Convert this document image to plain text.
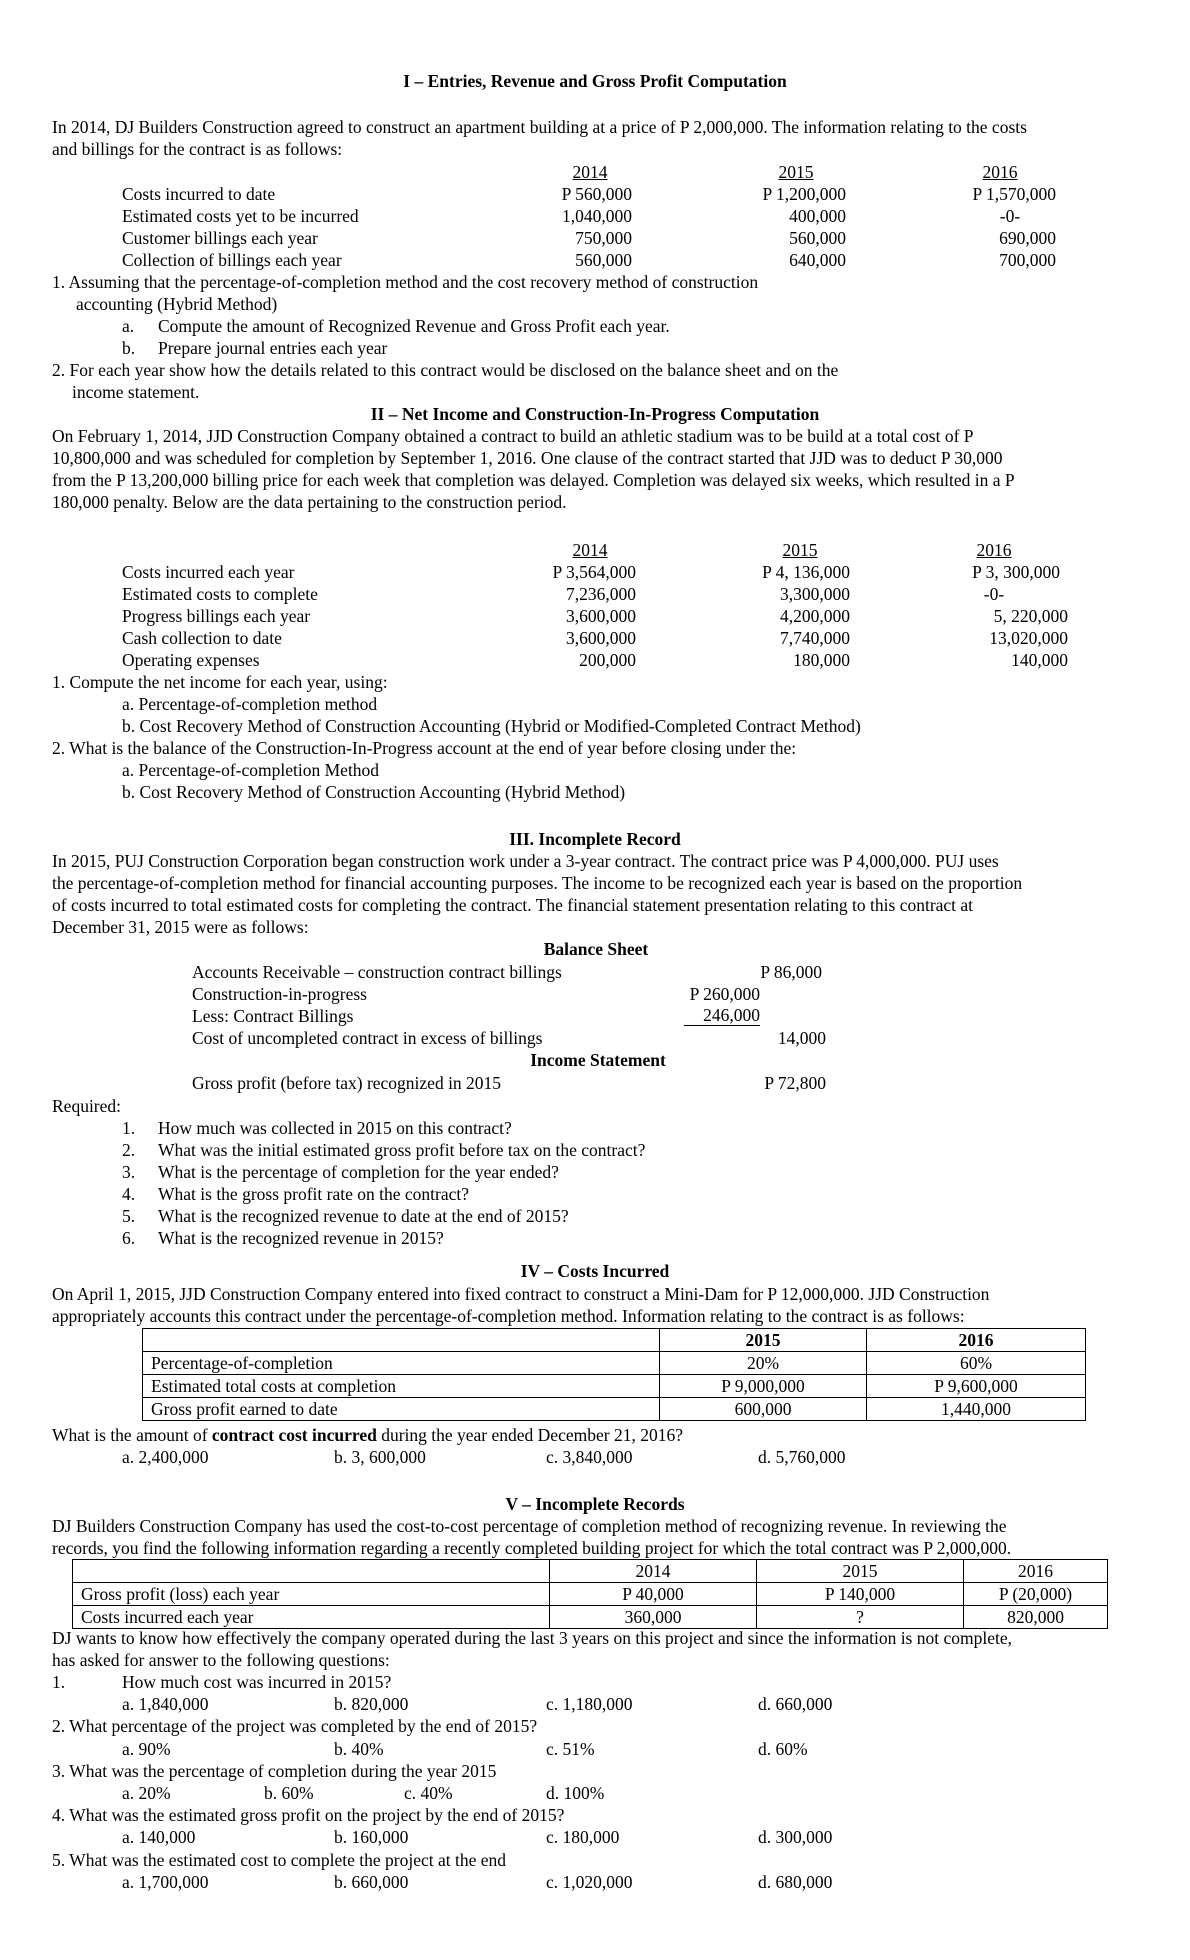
I – Entries, Revenue and Gross Profit Computation
In 2014, DJ Builders Construction agreed to construct an apartment building at a price of P 2,000,000. The information relating to the costs
and billings for the contract is as follows:
2014	2015	2016
Costs incurred to date	P 560,000	P 1,200,000	P 1,570,000
Estimated costs yet to be incurred	1,040,000	400,000	-0-
Customer billings each year	750,000	560,000	690,000
Collection of billings each year	560,000	640,000	700,000
1. Assuming that the percentage-of-completion method and the cost recovery method of construction
accounting (Hybrid Method)
a. Compute the amount of Recognized Revenue and Gross Profit each year.
b. Prepare journal entries each year
2. For each year show how the details related to this contract would be disclosed on the balance sheet and on the
income statement.
II – Net Income and Construction-In-Progress Computation
On February 1, 2014, JJD Construction Company obtained a contract to build an athletic stadium was to be build at a total cost of P
10,800,000 and was scheduled for completion by September 1, 2016. One clause of the contract started that JJD was to deduct P 30,000
from the P 13,200,000 billing price for each week that completion was delayed. Completion was delayed six weeks, which resulted in a P
180,000 penalty. Below are the data pertaining to the construction period.
2014	2015	2016
Costs incurred each year	P 3,564,000	P 4, 136,000	P 3, 300,000
Estimated costs to complete	7,236,000	3,300,000	-0-
Progress billings each year	3,600,000	4,200,000	5, 220,000
Cash collection to date	3,600,000	7,740,000	13,020,000
Operating expenses	200,000	180,000	140,000
1. Compute the net income for each year, using:
a. Percentage-of-completion method
b. Cost Recovery Method of Construction Accounting (Hybrid or Modified-Completed Contract Method)
2. What is the balance of the Construction-In-Progress account at the end of year before closing under the:
a. Percentage-of-completion Method
b. Cost Recovery Method of Construction Accounting (Hybrid Method)
III. Incomplete Record
In 2015, PUJ Construction Corporation began construction work under a 3-year contract. The contract price was P 4,000,000. PUJ uses
the percentage-of-completion method for financial accounting purposes. The income to be recognized each year is based on the proportion
of costs incurred to total estimated costs for completing the contract. The financial statement presentation relating to this contract at
December 31, 2015 were as follows:
Balance Sheet
Accounts Receivable – construction contract billings	P 86,000
Construction-in-progress	P 260,000
Less: Contract Billings	246,000
Cost of uncompleted contract in excess of billings	14,000
Income Statement
Gross profit (before tax) recognized in 2015	P 72,800
Required:
1. How much was collected in 2015 on this contract?
2. What was the initial estimated gross profit before tax on the contract?
3. What is the percentage of completion for the year ended?
4. What is the gross profit rate on the contract?
5. What is the recognized revenue to date at the end of 2015?
6. What is the recognized revenue in 2015?
IV – Costs Incurred
On April 1, 2015, JJD Construction Company entered into fixed contract to construct a Mini-Dam for P 12,000,000. JJD Construction
appropriately accounts this contract under the percentage-of-completion method. Information relating to the contract is as follows:
	2015	2016
Percentage-of-completion	20%	60%
Estimated total costs at completion	P 9,000,000	P 9,600,000
Gross profit earned to date	600,000	1,440,000
What is the amount of contract cost incurred during the year ended December 21, 2016?
a. 2,400,000	b. 3, 600,000	c. 3,840,000	d. 5,760,000
V – Incomplete Records
DJ Builders Construction Company has used the cost-to-cost percentage of completion method of recognizing revenue. In reviewing the
records, you find the following information regarding a recently completed building project for which the total contract was P 2,000,000.
	2014	2015	2016
Gross profit (loss) each year	P 40,000	P 140,000	P (20,000)
Costs incurred each year	360,000	?	820,000
DJ wants to know how effectively the company operated during the last 3 years on this project and since the information is not complete,
has asked for answer to the following questions:
1.	How much cost was incurred in 2015?
a. 1,840,000	b. 820,000	c. 1,180,000	d. 660,000
2. What percentage of the project was completed by the end of 2015?
a. 90%	b. 40%	c. 51%	d. 60%
3. What was the percentage of completion during the year 2015
a. 20%	b. 60%	c. 40%	d. 100%
4. What was the estimated gross profit on the project by the end of 2015?
a. 140,000	b. 160,000	c. 180,000	d. 300,000
5. What was the estimated cost to complete the project at the end
a. 1,700,000	b. 660,000	c. 1,020,000	d. 680,000
